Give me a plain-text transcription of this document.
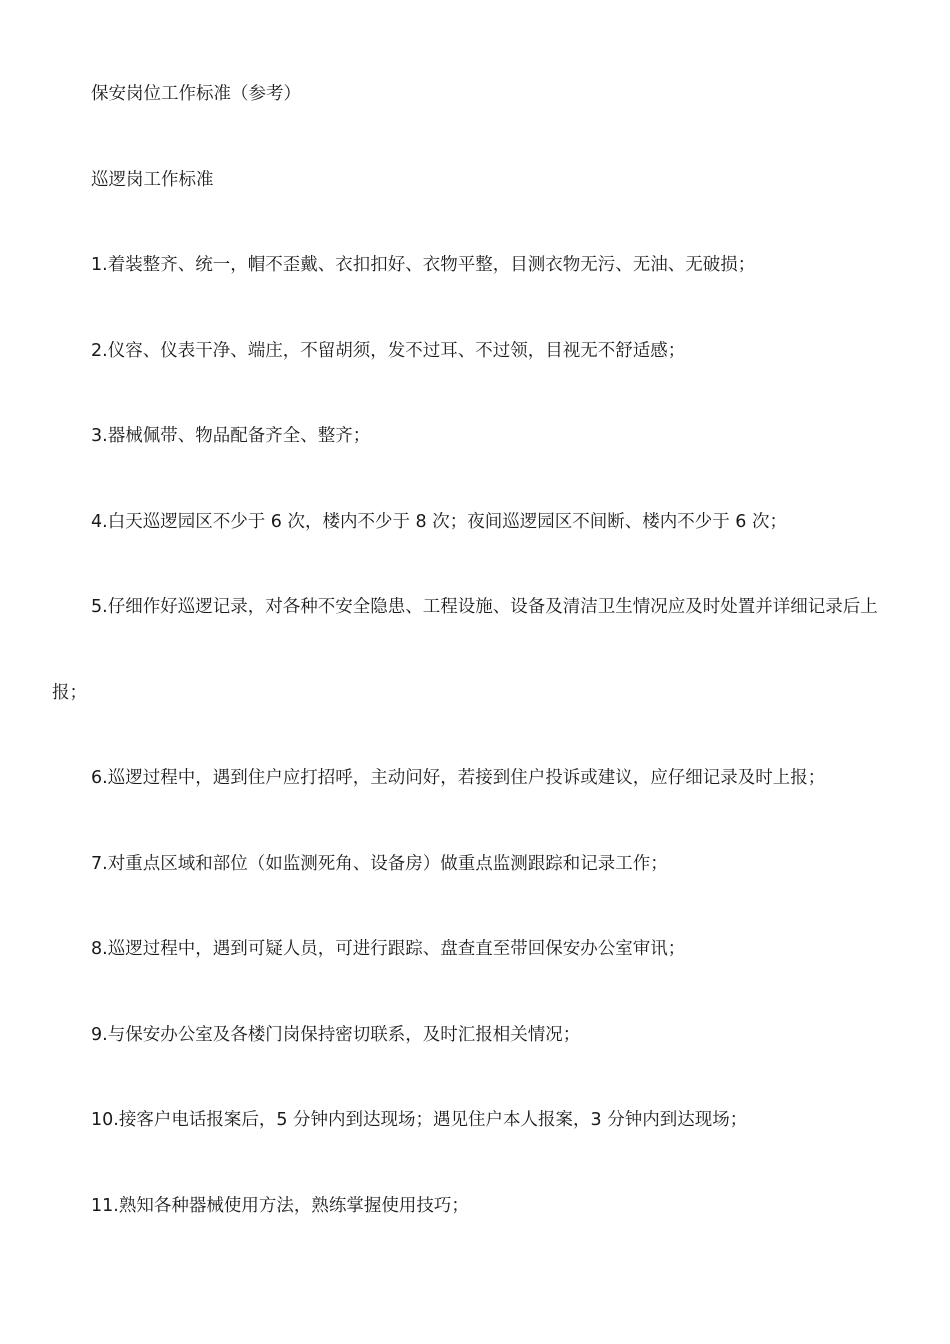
保安岗位工作标准（参考）
巡逻岗工作标准
1.着装整齐、统一，帽不歪戴、衣扣扣好、衣物平整，目测衣物无污、无油、无破损；
2.仪容、仪表干净、端庄，不留胡须，发不过耳、不过领，目视无不舒适感；
3.器械佩带、物品配备齐全、整齐；
4.白天巡逻园区不少于 6 次，楼内不少于 8 次；夜间巡逻园区不间断、楼内不少于 6 次；
5.仔细作好巡逻记录，对各种不安全隐患、工程设施、设备及清洁卫生情况应及时处置并详细记录后上报；
6.巡逻过程中，遇到住户应打招呼，主动问好，若接到住户投诉或建议，应仔细记录及时上报；
7.对重点区域和部位（如监测死角、设备房）做重点监测跟踪和记录工作；
8.巡逻过程中，遇到可疑人员，可进行跟踪、盘查直至带回保安办公室审讯；
9.与保安办公室及各楼门岗保持密切联系，及时汇报相关情况；
10.接客户电话报案后，5 分钟内到达现场；遇见住户本人报案，3 分钟内到达现场；
11.熟知各种器械使用方法，熟练掌握使用技巧；
